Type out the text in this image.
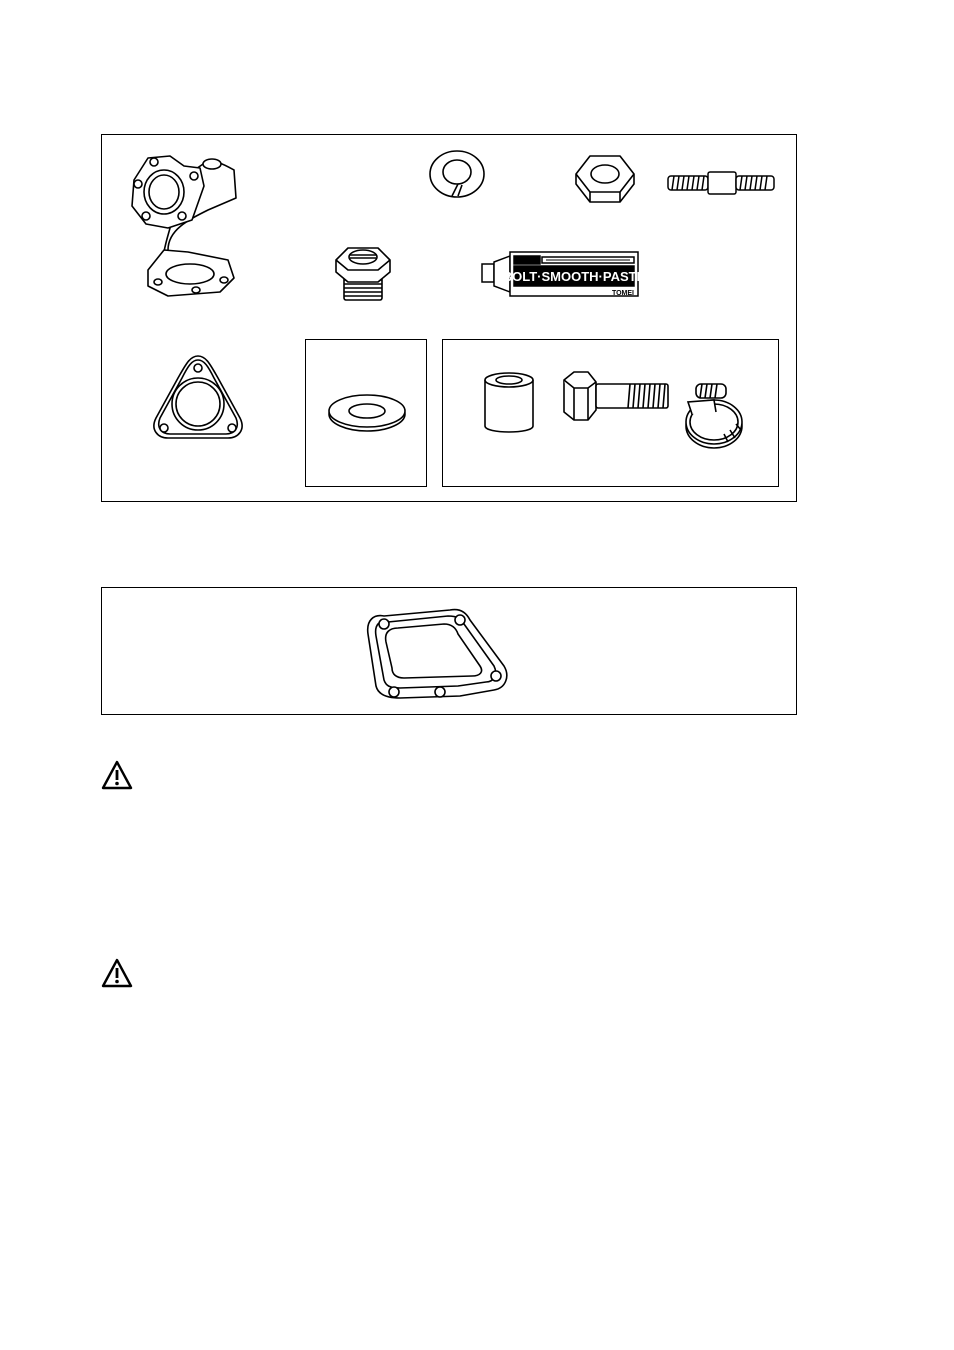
BOLT·SMOOTH·PASTE
TOMEI
